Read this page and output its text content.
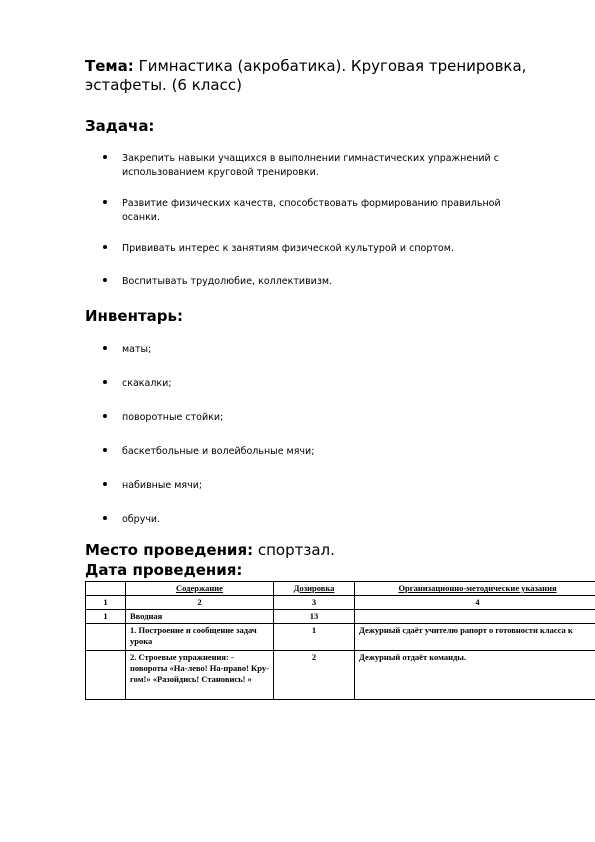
Тема: Гимнастика (акробатика). Круговая тренировка, эстафеты. (6 класс)
Задача:
Закрепить навыки учащихся в выполнении гимнастических упражнений с использованием круговой тренировки.
Развитие физических качеств, способствовать формированию правильной осанки.
Прививать интерес к занятиям физической культурой и спортом.
Воспитывать трудолюбие, коллективизм.
Инвентарь:
маты;
скакалки;
поворотные стойки;
баскетбольные и волейбольные мячи;
набивные мячи;
обручи.
Место проведения: спортзал.
Дата проведения:
	Содержание	Дозировка	Организационно-методические указания
1	2	3	4
1	Вводная	13	
	1. Построение и сообщение задач урока	1	Дежурный сдаёт учителю рапорт о готовности класса к
	2. Строевые упражнения: - повороты «На-лево! На-право! Кру-гом!» «Разойдись! Становись! »	2	Дежурный отдаёт команды.
